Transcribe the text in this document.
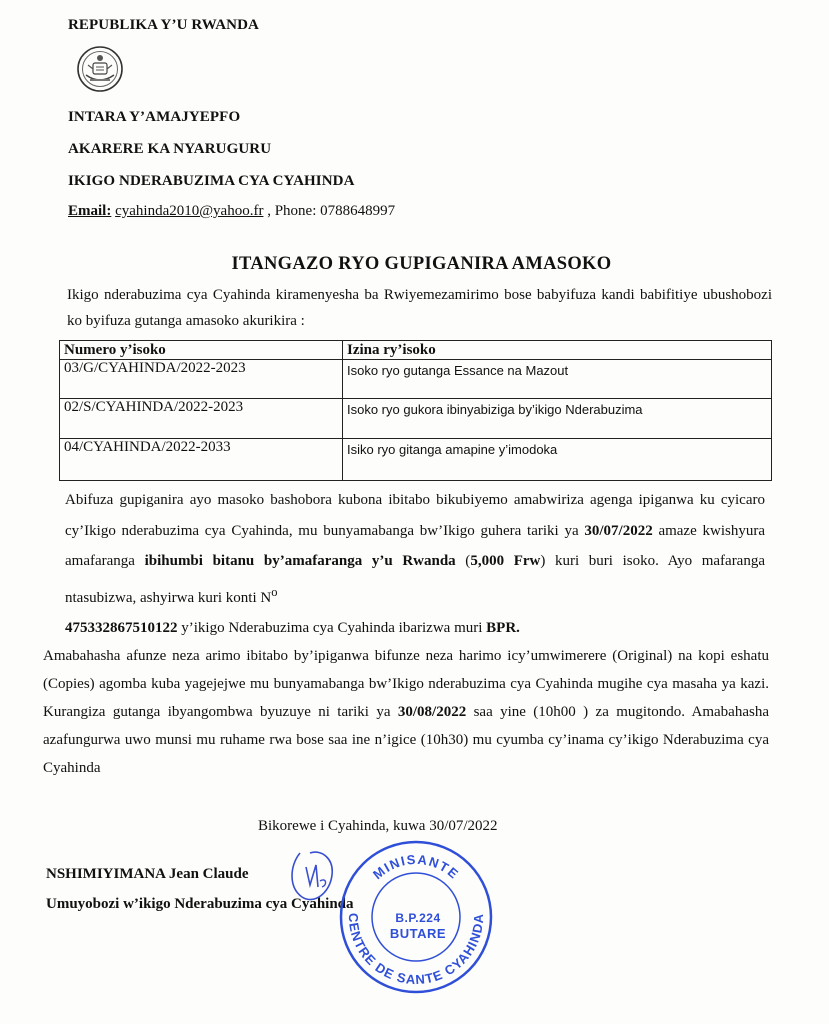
REPUBLIKA Y’U RWANDA
INTARA Y’AMAJYEPFO
AKARERE KA NYARUGURU
IKIGO NDERABUZIMA CYA CYAHINDA
Email: cyahinda2010@yahoo.fr , Phone: 0788648997
ITANGAZO RYO GUPIGANIRA AMASOKO
Ikigo nderabuzima cya Cyahinda kiramenyesha ba Rwiyemezamirimo bose babyifuza kandi babifitiye ubushobozi ko byifuza gutanga amasoko akurikira :
Numero y’isoko	Izina ry’isoko
03/G/CYAHINDA/2022-2023	Isoko ryo gutanga Essance na Mazout
02/S/CYAHINDA/2022-2023	Isoko ryo gukora ibinyabiziga by’ikigo Nderabuzima
04/CYAHINDA/2022-2033	Isiko ryo gitanga amapine y’imodoka
Abifuza gupiganira ayo masoko bashobora kubona ibitabo bikubiyemo amabwiriza agenga ipiganwa ku cyicaro cy’Ikigo nderabuzima cya Cyahinda, mu bunyamabanga bw’Ikigo guhera tariki ya 30/07/2022 amaze kwishyura amafaranga ibihumbi bitanu by’amafaranga y’u Rwanda (5,000 Frw) kuri buri isoko. Ayo mafaranga ntasubizwa, ashyirwa kuri konti $N^o$
475332867510122 y’ikigo Nderabuzima cya Cyahinda ibarizwa muri BPR.
Amabahasha afunze neza arimo ibitabo by’ipiganwa bifunze neza harimo icy’umwimerere (Original) na kopi eshatu (Copies) agomba kuba yagejejwe mu bunyamabanga bw’Ikigo nderabuzima cya Cyahinda mugihe cya masaha ya kazi. Kurangiza gutanga ibyangombwa byuzuye ni tariki ya 30/08/2022 saa yine (10h00 ) za mugitondo. Amabahasha azafungurwa uwo munsi mu ruhame rwa bose saa ine n’igice (10h30) mu cyumba cy’inama cy’ikigo Nderabuzima cya Cyahinda
Bikorewe i Cyahinda, kuwa 30/07/2022
NSHIMIYIMANA Jean Claude
Umuyobozi w’ikigo Nderabuzima cya Cyahinda
MINISANTE
CENTRE DE SANTE CYAHINDA
B.P.224
BUTARE
